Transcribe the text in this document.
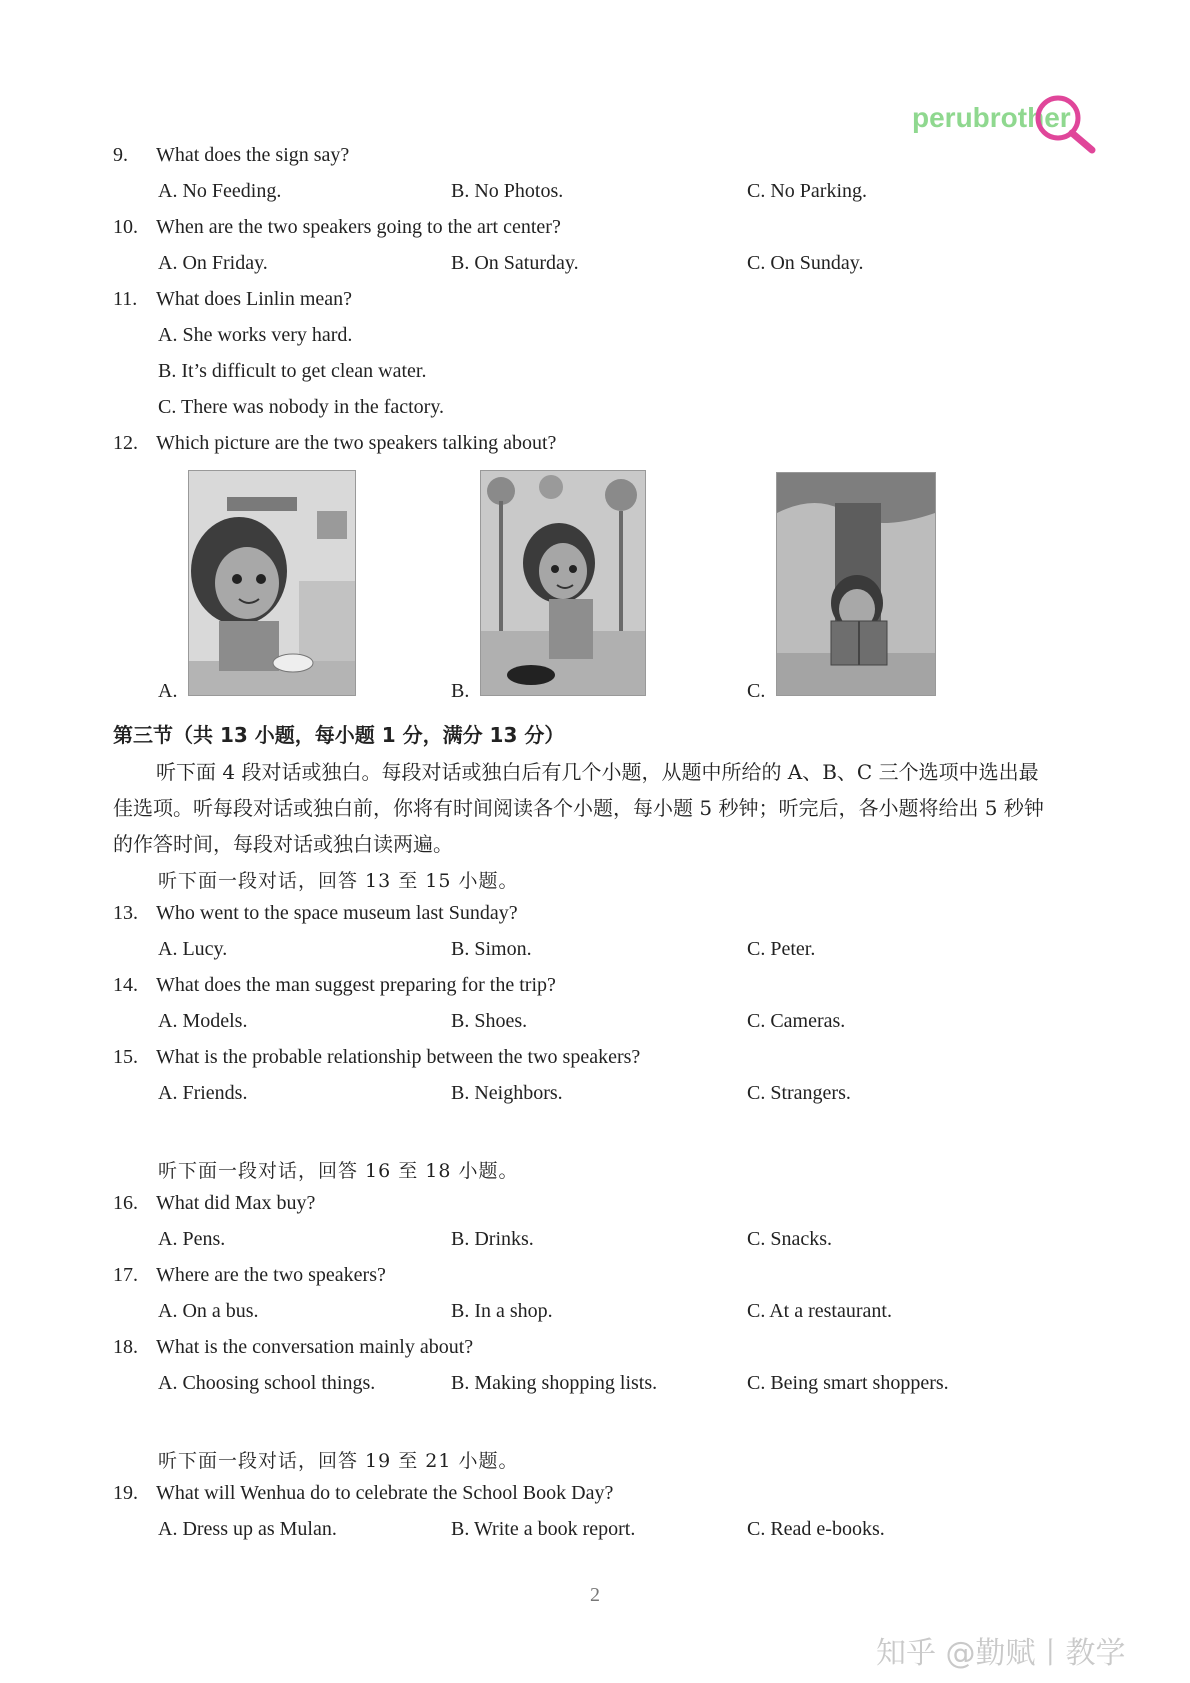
perubrother
9. What does the sign say?
A. No Feeding.	B. No Photos.	C. No Parking.
10. When are the two speakers going to the art center?
A. On Friday.	B. On Saturday.	C. On Sunday.
11. What does Linlin mean?
A. She works very hard.
B. It’s difficult to get clean water.
C. There was nobody in the factory.
12. Which picture are the two speakers talking about?
A.	B.	C.
第三节（共 13 小题，每小题 1 分，满分 13 分）
听下面 4 段对话或独白。每段对话或独白后有几个小题，从题中所给的 A、B、C 三个选项中选出最
佳选项。听每段对话或独白前，你将有时间阅读各个小题，每小题 5 秒钟；听完后，各小题将给出 5 秒钟
的作答时间，每段对话或独白读两遍。
听下面一段对话，回答 13 至 15 小题。
13. Who went to the space museum last Sunday?
A. Lucy.	B. Simon.	C. Peter.
14. What does the man suggest preparing for the trip?
A. Models.	B. Shoes.	C. Cameras.
15. What is the probable relationship between the two speakers?
A. Friends.	B. Neighbors.	C. Strangers.
听下面一段对话，回答 16 至 18 小题。
16. What did Max buy?
A. Pens.	B. Drinks.	C. Snacks.
17. Where are the two speakers?
A. On a bus.	B. In a shop.	C. At a restaurant.
18. What is the conversation mainly about?
A. Choosing school things.	B. Making shopping lists.	C. Being smart shoppers.
听下面一段对话，回答 19 至 21 小题。
19. What will Wenhua do to celebrate the School Book Day?
A. Dress up as Mulan.	B. Write a book report.	C. Read e-books.
2
知乎 @勤赋丨教学
